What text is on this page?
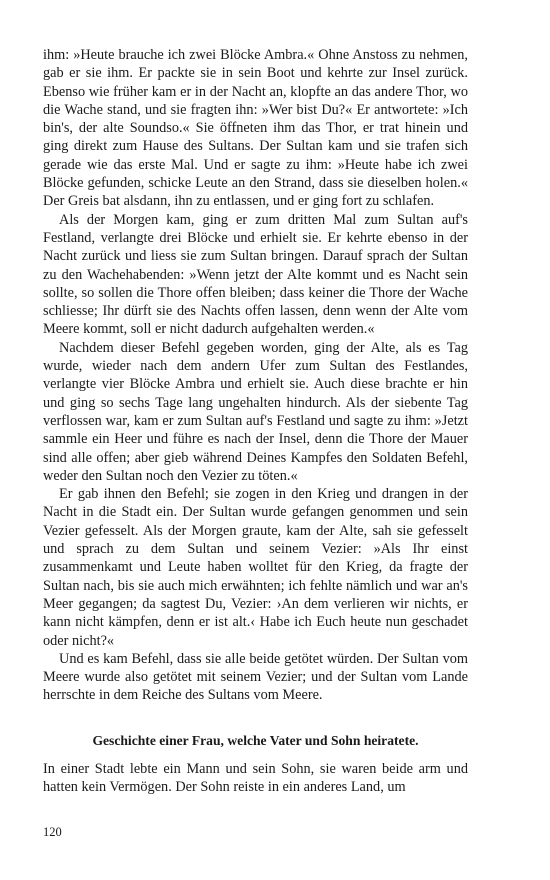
ihm: »Heute brauche ich zwei Blöcke Ambra.« Ohne Anstoss zu nehmen, gab er sie ihm. Er packte sie in sein Boot und kehrte zur Insel zurück. Ebenso wie früher kam er in der Nacht an, klopfte an das andere Thor, wo die Wache stand, und sie fragten ihn: »Wer bist Du?« Er antwortete: »Ich bin's, der alte Soundso.« Sie öffneten ihm das Thor, er trat hinein und ging direkt zum Hause des Sultans. Der Sultan kam und sie trafen sich gerade wie das erste Mal. Und er sagte zu ihm: »Heute habe ich zwei Blöcke gefunden, schicke Leute an den Strand, dass sie dieselben holen.« Der Greis bat alsdann, ihn zu entlassen, und er ging fort zu schlafen.

Als der Morgen kam, ging er zum dritten Mal zum Sultan auf's Festland, verlangte drei Blöcke und erhielt sie. Er kehrte ebenso in der Nacht zurück und liess sie zum Sultan bringen. Darauf sprach der Sultan zu den Wachehabenden: »Wenn jetzt der Alte kommt und es Nacht sein sollte, so sollen die Thore offen bleiben; dass keiner die Thore der Wache schliesse; Ihr dürft sie des Nachts offen lassen, denn wenn der Alte vom Meere kommt, soll er nicht dadurch aufgehalten werden.«

Nachdem dieser Befehl gegeben worden, ging der Alte, als es Tag wurde, wieder nach dem andern Ufer zum Sultan des Festlandes, verlangte vier Blöcke Ambra und erhielt sie. Auch diese brachte er hin und ging so sechs Tage lang ungehalten hindurch. Als der siebente Tag verflossen war, kam er zum Sultan auf's Festland und sagte zu ihm: »Jetzt sammle ein Heer und führe es nach der Insel, denn die Thore der Mauer sind alle offen; aber gieb während Deines Kampfes den Soldaten Befehl, weder den Sultan noch den Vezier zu töten.«

Er gab ihnen den Befehl; sie zogen in den Krieg und drangen in der Nacht in die Stadt ein. Der Sultan wurde gefangen genommen und sein Vezier gefesselt. Als der Morgen graute, kam der Alte, sah sie gefesselt und sprach zu dem Sultan und seinem Vezier: »Als Ihr einst zusammenkamt und Leute haben wolltet für den Krieg, da fragte der Sultan nach, bis sie auch mich erwähnten; ich fehlte nämlich und war an's Meer gegangen; da sagtest Du, Vezier: ›An dem verlieren wir nichts, er kann nicht kämpfen, denn er ist alt.‹ Habe ich Euch heute nun geschadet oder nicht?«

Und es kam Befehl, dass sie alle beide getötet würden. Der Sultan vom Meere wurde also getötet mit seinem Vezier; und der Sultan vom Lande herrschte in dem Reiche des Sultans vom Meere.

Geschichte einer Frau, welche Vater und Sohn heiratete.

In einer Stadt lebte ein Mann und sein Sohn, sie waren beide arm und hatten kein Vermögen. Der Sohn reiste in ein anderes Land, um

120
